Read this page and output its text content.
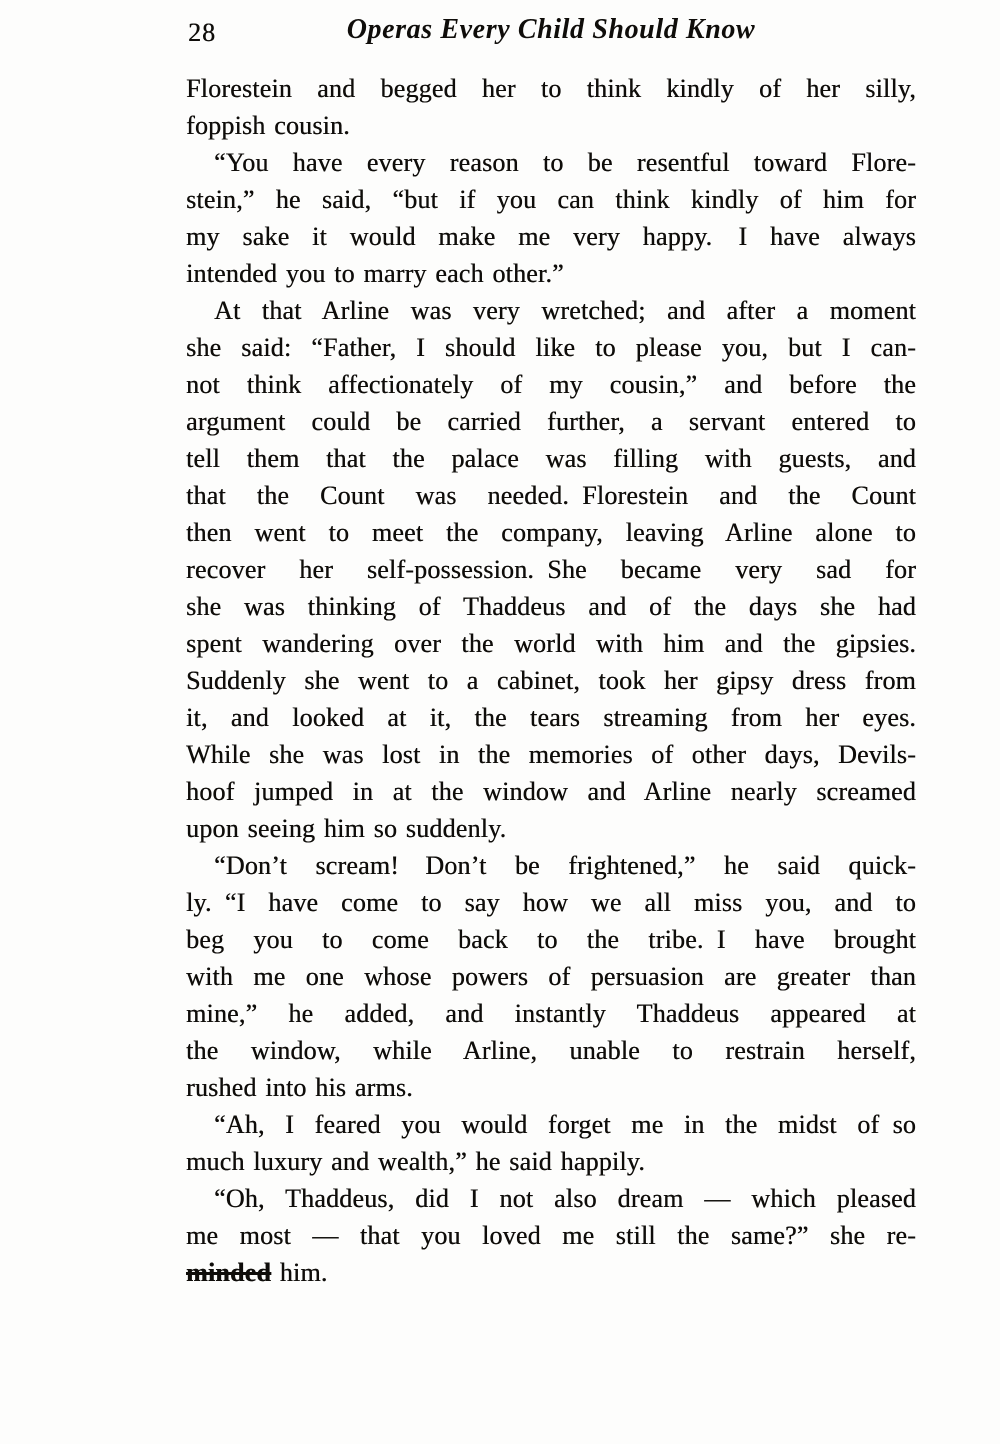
28	Operas Every Child Should Know
Florestein and begged her to think kindly of her silly,
foppish cousin.
“You have every reason to be resentful toward Flore-
stein,” he said, “but if you can think kindly of him for
my sake it would make me very happy. I have always
intended you to marry each other.”
At that Arline was very wretched; and after a moment
she said: “Father, I should like to please you, but I can-
not think affectionately of my cousin,” and before the
argument could be carried further, a servant entered to
tell them that the palace was filling with guests, and
that the Count was needed. Florestein and the Count
then went to meet the company, leaving Arline alone to
recover her self-possession. She became very sad for
she was thinking of Thaddeus and of the days she had
spent wandering over the world with him and the gipsies.
Suddenly she went to a cabinet, took her gipsy dress from
it, and looked at it, the tears streaming from her eyes.
While she was lost in the memories of other days, Devils-
hoof jumped in at the window and Arline nearly screamed
upon seeing him so suddenly.
“Don’t scream! Don’t be frightened,” he said quick-
ly. “I have come to say how we all miss you, and to
beg you to come back to the tribe. I have brought
with me one whose powers of persuasion are greater than
mine,” he added, and instantly Thaddeus appeared at
the window, while Arline, unable to restrain herself,
rushed into his arms.
“Ah, I feared you would forget me in the midst of so
much luxury and wealth,” he said happily.
“Oh, Thaddeus, did I not also dream — which pleased
me most — that you loved me still the same?” she re-
minded him.
